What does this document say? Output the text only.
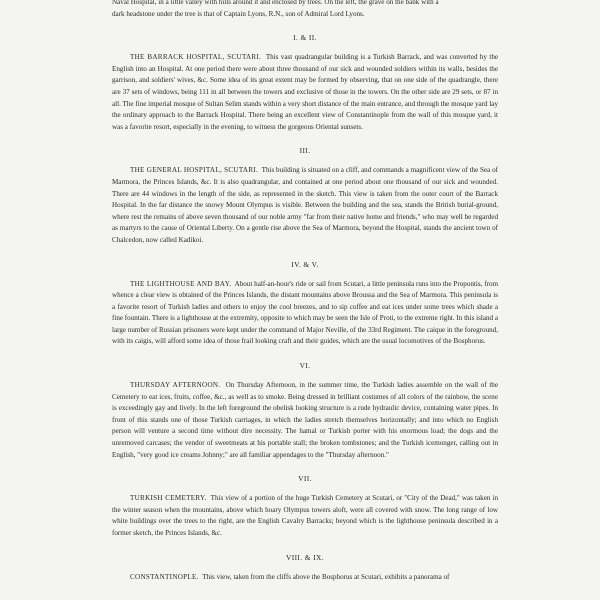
Naval Hospital, in a little valley with hills around it and enclosed by trees. On the left, the grave on the bank with a

dark headstone under the tree is that of Captain Lyons, R.N., son of Admiral Lord Lyons.

I. & II.

THE BARRACK HOSPITAL, SCUTARI. This vast quadrangular building is a Turkish Barrack, and was converted by the English into an Hospital. At one period there were about three thousand of our sick and wounded soldiers within its walls, besides the garrison, and soldiers' wives, &c. Some idea of its great extent may be formed by observing, that on one side of the quadrangle, there are 37 sets of windows, being 111 in all between the towers and exclusive of those in the towers. On the other side are 29 sets, or 87 in all. The fine imperial mosque of Sultan Selim stands within a very short distance of the main entrance, and through the mosque yard lay the ordinary approach to the Barrack Hospital. There being an excellent view of Constantinople from the wall of this mosque yard, it was a favorite resort, especially in the evening, to witness the gorgeous Oriental sunsets.

III.

THE GENERAL HOSPITAL, SCUTARI. This building is situated on a cliff, and commands a magnificent view of the Sea of Marmora, the Princes Islands, &c. It is also quadrangular, and contained at one period about one thousand of our sick and wounded. There are 44 windows in the length of the side, as represented in the sketch. This view is taken from the outer court of the Barrack Hospital. In the far distance the snowy Mount Olympus is visible. Between the building and the sea, stands the British burial-ground, where rest the remains of above seven thousand of our noble army "far from their native home and friends," who may well be regarded as martyrs to the cause of Oriental Liberty. On a gentle rise above the Sea of Marmora, beyond the Hospital, stands the ancient town of Chalcedon, now called Kadikoi.

IV. & V.

THE LIGHTHOUSE AND BAY. About half-an-hour's ride or sail from Scutari, a little peninsula runs into the Propontis, from whence a clear view is obtained of the Princes Islands, the distant mountains above Broussa and the Sea of Marmora. This peninsula is a favorite resort of Turkish ladies and others to enjoy the cool breezes, and to sip coffee and eat ices under some trees which shade a fine fountain. There is a lighthouse at the extremity, opposite to which may be seen the Isle of Proti, to the extreme right. In this island a large number of Russian prisoners were kept under the command of Major Neville, of the 33rd Regiment. The caique in the foreground, with its caigis, will afford some idea of those frail looking craft and their guides, which are the usual locomotives of the Bosphorus.

VI.

THURSDAY AFTERNOON. On Thursday Afternoon, in the summer time, the Turkish ladies assemble on the wall of the Cemetery to eat ices, fruits, coffee, &c., as well as to smoke. Being dressed in brilliant costumes of all colors of the rainbow, the scene is exceedingly gay and lively. In the left foreground the obelisk looking structure is a rude hydraulic device, containing water pipes. In front of this stands one of those Turkish carriages, in which the ladies stretch themselves horizontally; and into which no English person will venture a second time without dire necessity. The hamal or Turkish porter with his enormous load; the dogs and the unremoved carcases; the vendor of sweetmeats at his portable stall; the broken tombstones; and the Turkish icemonger, calling out in English, "very good ice creams Johnny;" are all familiar appendages to the "Thursday afternoon."

VII.

TURKISH CEMETERY. This view of a portion of the huge Turkish Cemetery at Scutari, or "City of the Dead," was taken in the winter season when the mountains, above which hoary Olympus towers aloft, were all covered with snow. The long range of low white buildings over the trees to the right, are the English Cavalry Barracks; beyond which is the lighthouse peninsula described in a former sketch, the Princes Islands, &c.

VIII. & IX.

CONSTANTINOPLE. This view, taken from the cliffs above the Bosphorus at Scutari, exhibits a panorama of
